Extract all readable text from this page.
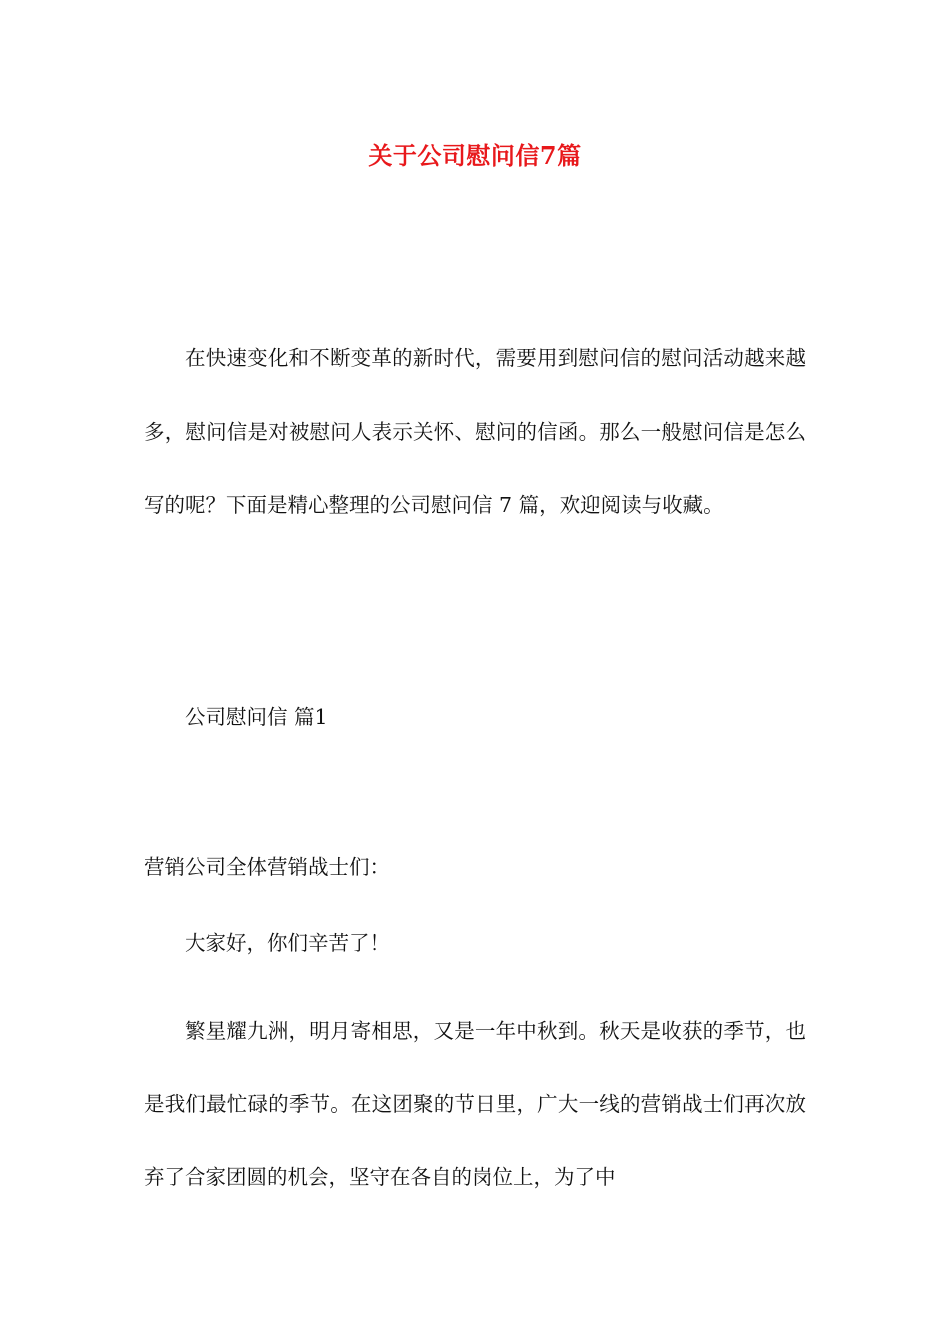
关于公司慰问信7篇

在快速变化和不断变革的新时代，需要用到慰问信的慰问活动越来越多，慰问信是对被慰问人表示关怀、慰问的信函。那么一般慰问信是怎么写的呢？下面是精心整理的公司慰问信 7 篇，欢迎阅读与收藏。

公司慰问信 篇1

营销公司全体营销战士们：

大家好，你们辛苦了！

繁星耀九洲，明月寄相思，又是一年中秋到。秋天是收获的季节，也是我们最忙碌的季节。在这团聚的节日里，广大一线的营销战士们再次放弃了合家团圆的机会，坚守在各自的岗位上，为了中
